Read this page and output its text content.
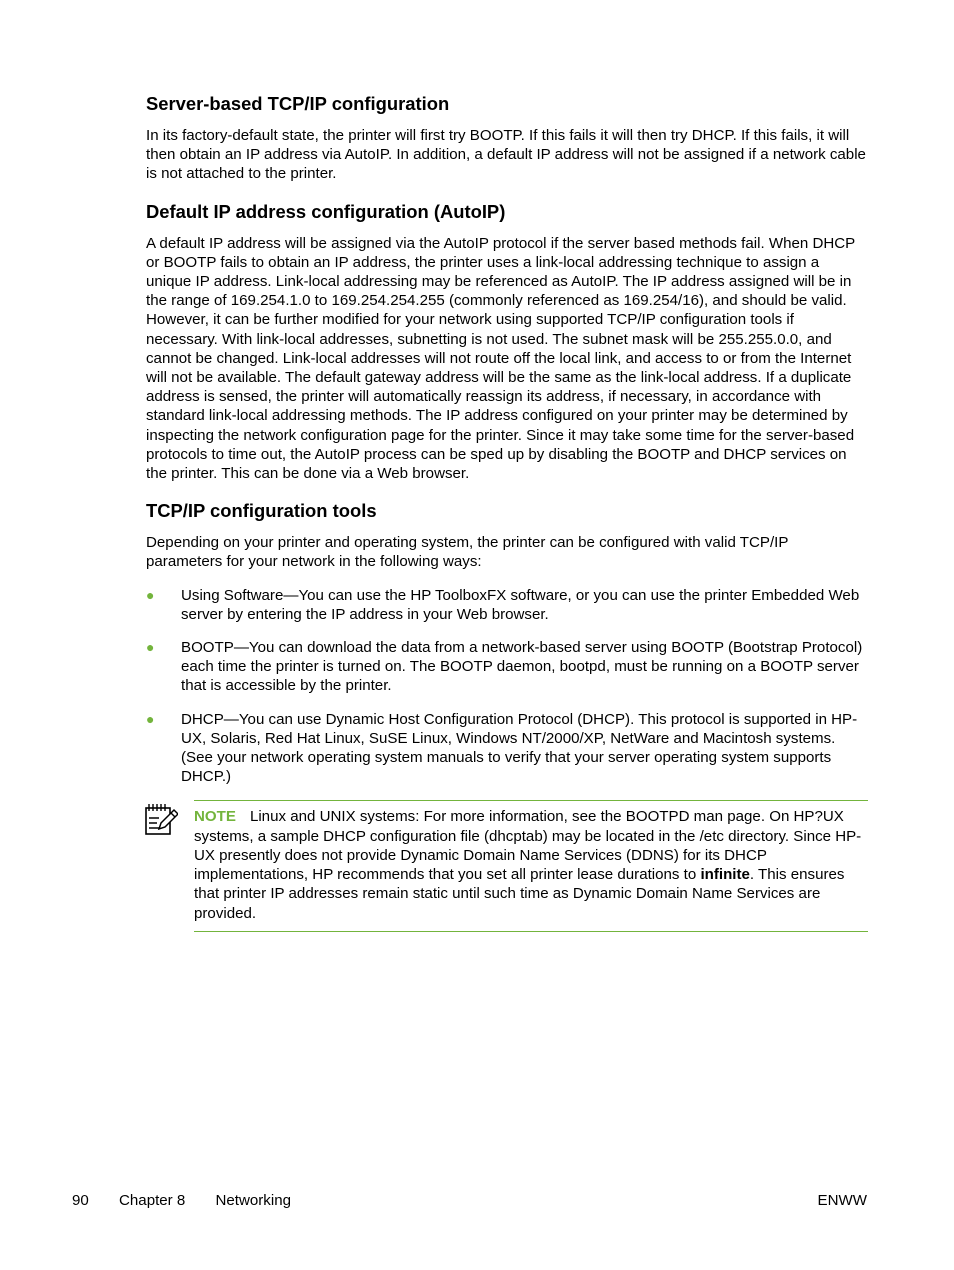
Server-based TCP/IP configuration

In its factory-default state, the printer will first try BOOTP. If this fails it will then try DHCP. If this fails, it will then obtain an IP address via AutoIP. In addition, a default IP address will not be assigned if a network cable is not attached to the printer.

Default IP address configuration (AutoIP)

A default IP address will be assigned via the AutoIP protocol if the server based methods fail. When DHCP or BOOTP fails to obtain an IP address, the printer uses a link-local addressing technique to assign a unique IP address. Link-local addressing may be referenced as AutoIP. The IP address assigned will be in the range of 169.254.1.0 to 169.254.254.255 (commonly referenced as 169.254/16), and should be valid. However, it can be further modified for your network using supported TCP/IP configuration tools if necessary. With link-local addresses, subnetting is not used. The subnet mask will be 255.255.0.0, and cannot be changed. Link-local addresses will not route off the local link, and access to or from the Internet will not be available. The default gateway address will be the same as the link-local address. If a duplicate address is sensed, the printer will automatically reassign its address, if necessary, in accordance with standard link-local addressing methods. The IP address configured on your printer may be determined by inspecting the network configuration page for the printer. Since it may take some time for the server-based protocols to time out, the AutoIP process can be sped up by disabling the BOOTP and DHCP services on the printer. This can be done via a Web browser.

TCP/IP configuration tools

Depending on your printer and operating system, the printer can be configured with valid TCP/IP parameters for your network in the following ways:

● Using Software—You can use the HP ToolboxFX software, or you can use the printer Embedded Web server by entering the IP address in your Web browser.
● BOOTP—You can download the data from a network-based server using BOOTP (Bootstrap Protocol) each time the printer is turned on. The BOOTP daemon, bootpd, must be running on a BOOTP server that is accessible by the printer.
● DHCP—You can use Dynamic Host Configuration Protocol (DHCP). This protocol is supported in HP-UX, Solaris, Red Hat Linux, SuSE Linux, Windows NT/2000/XP, NetWare and Macintosh systems. (See your network operating system manuals to verify that your server operating system supports DHCP.)
NOTE Linux and UNIX systems: For more information, see the BOOTPD man page. On HP?UX systems, a sample DHCP configuration file (dhcptab) may be located in the /etc directory. Since HP-UX presently does not provide Dynamic Domain Name Services (DDNS) for its DHCP implementations, HP recommends that you set all printer lease durations to infinite. This ensures that printer IP addresses remain static until such time as Dynamic Domain Name Services are provided.
90 Chapter 8 Networking	ENWW
